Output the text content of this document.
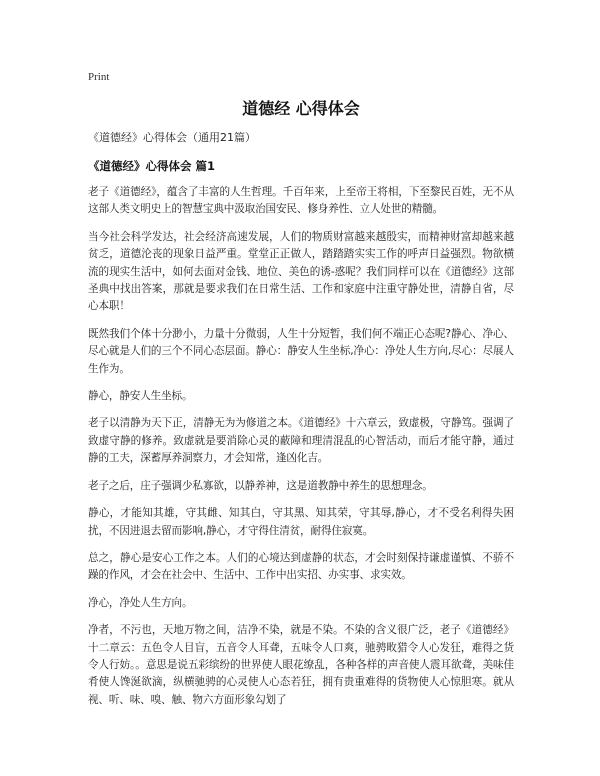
Print
道德经 心得体会
《道德经》心得体会（通用21篇）
《道德经》心得体会 篇1

老子《道德经》，蕴含了丰富的人生哲理。千百年来，上至帝王将相，下至黎民百姓，无不从这部人类文明史上的智慧宝典中汲取治国安民、修身养性、立人处世的精髓。

当今社会科学发达，社会经济高速发展，人们的物质财富越来越殷实，而精神财富却越来越贫乏，道德沦丧的现象日益严重。堂堂正正做人，踏踏踏实实工作的呼声日益强烈。物欲横流的现实生活中，如何去面对金钱、地位、美色的诱-惑呢？我们同样可以在《道德经》这部圣典中找出答案，那就是要求我们在日常生活、工作和家庭中注重守静处世，清静自省，尽心本职！

既然我们个体十分渺小，力量十分微弱，人生十分短暂，我们何不端正心态呢?静心、净心、尽心就是人们的三个不同心态层面。静心：静安人生坐标,净心：净处人生方向,尽心：尽展人生作为。

静心，静安人生坐标。

老子以清静为天下正，清静无为为修道之本。《道德经》十六章云，致虚极，守静笃。强调了致虚守静的修养。致虚就是要消除心灵的蔽障和理清混乱的心智活动，而后才能守静，通过静的工夫，深蓄厚养洞察力，才会知常，逢凶化吉。

老子之后，庄子强调少私寡欲，以静养神，这是道教静中养生的思想理念。

静心，才能知其雄，守其雌、知其白，守其黑、知其荣，守其辱,静心，才不受名利得失困扰，不因进退去留而影响,静心，才守得住清贫，耐得住寂寞。

总之，静心是安心工作之本。人们的心境达到虚静的状态，才会时刻保持谦虚谨慎、不骄不躁的作风，才会在社会中、生活中、工作中出实招、办实事、求实效。

净心，净处人生方向。

净者，不污也，天地万物之间，洁净不染，就是不染。不染的含义很广泛，老子《道德经》十二章云：五色令人目盲，五音令人耳聋，五味令人口爽，驰骋畋猎令人心发狂，难得之货令人行妨。。意思是说五彩缤纷的世界使人眼花缭乱，各种各样的声音使人震耳欲聋，美味佳肴使人馋涎欲滴，纵横驰骋的心灵使人心态若狂，拥有贵重难得的货物使人心惊胆寒。就从视、听、味、嗅、触、物六方面形象勾划了
